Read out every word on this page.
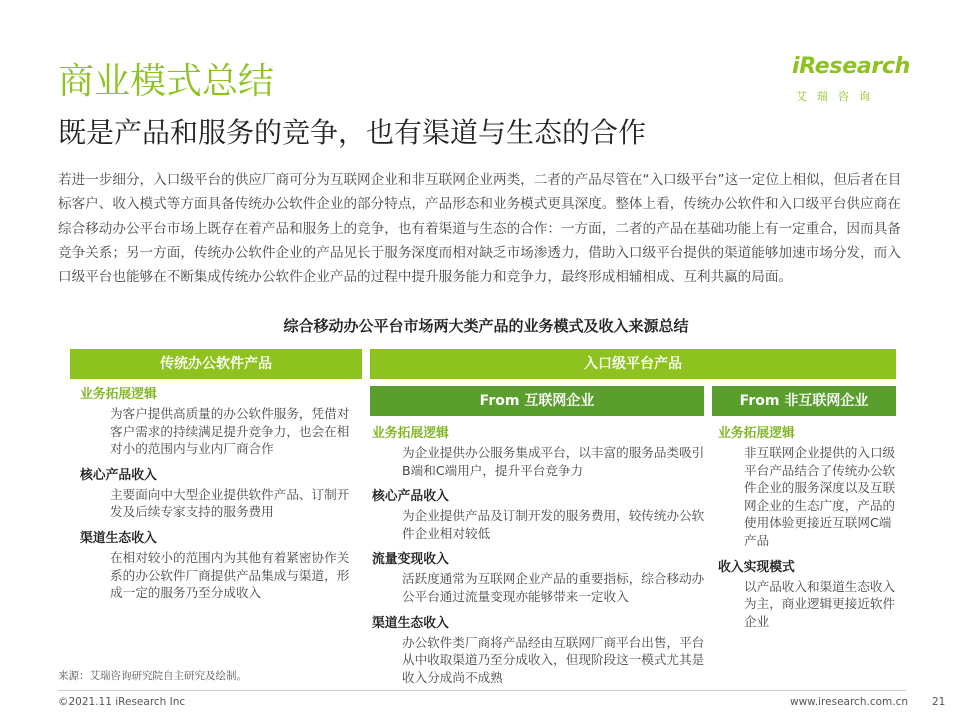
商业模式总结
既是产品和服务的竞争，也有渠道与生态的合作
iResearch
艾瑞咨询

若进一步细分，入口级平台的供应厂商可分为互联网企业和非互联网企业两类，二者的产品尽管在“入口级平台”这一定位上相似，但后者在目标客户、收入模式等方面具备传统办公软件企业的部分特点，产品形态和业务模式更具深度。整体上看，传统办公软件和入口级平台供应商在综合移动办公平台市场上既存在着产品和服务上的竞争，也有着渠道与生态的合作：一方面，二者的产品在基础功能上有一定重合，因而具备竞争关系；另一方面，传统办公软件企业的产品见长于服务深度而相对缺乏市场渗透力，借助入口级平台提供的渠道能够加速市场分发，而入口级平台也能够在不断集成传统办公软件企业产品的过程中提升服务能力和竞争力，最终形成相辅相成、互利共赢的局面。

综合移动办公平台市场两大类产品的业务模式及收入来源总结
传统办公软件产品	入口级平台产品
From 互联网企业	From 非互联网企业
业务拓展逻辑
为客户提供高质量的办公软件服务，凭借对客户需求的持续满足提升竞争力，也会在相对小的范围内与业内厂商合作
核心产品收入
主要面向中大型企业提供软件产品、订制开发及后续专家支持的服务费用
渠道生态收入
在相对较小的范围内为其他有着紧密协作关系的办公软件厂商提供产品集成与渠道，形成一定的服务乃至分成收入
业务拓展逻辑
为企业提供办公服务集成平台，以丰富的服务品类吸引B端和C端用户，提升平台竞争力
核心产品收入
为企业提供产品及订制开发的服务费用，较传统办公软件企业相对较低
流量变现收入
活跃度通常为互联网企业产品的重要指标，综合移动办公平台通过流量变现亦能够带来一定收入
渠道生态收入
办公软件类厂商将产品经由互联网厂商平台出售，平台从中收取渠道乃至分成收入，但现阶段这一模式尤其是收入分成尚不成熟
业务拓展逻辑
非互联网企业提供的入口级平台产品结合了传统办公软件企业的服务深度以及互联网企业的生态广度，产品的使用体验更接近互联网C端产品
收入实现模式
以产品收入和渠道生态收入为主，商业逻辑更接近软件企业
来源：艾瑞咨询研究院自主研究及绘制。
©2021.11 iResearch Inc	www.iresearch.com.cn 21
